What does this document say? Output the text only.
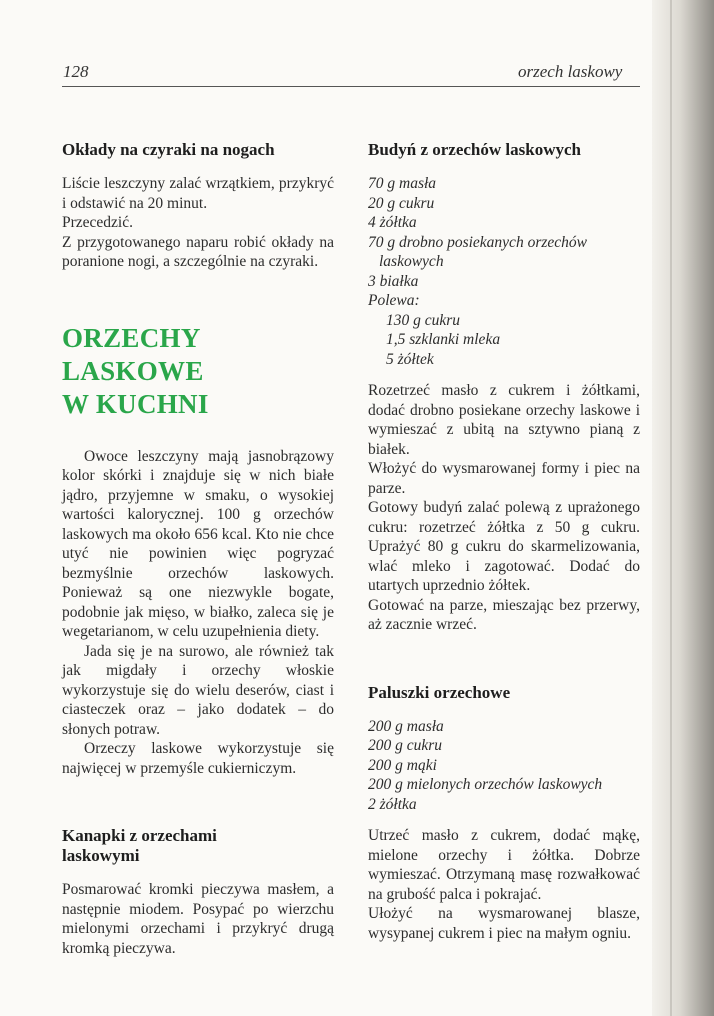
128	orzech laskowy
Okłady na czyraki na nogach

Liście leszczyny zalać wrzątkiem, przykryć i odstawić na 20 minut.

Przecedzić.

Z przygotowanego naparu robić okłady na poranione nogi, a szczególnie na czyraki.

ORZECHY LASKOWE
W KUCHNI

Owoce leszczyny mają jasnobrązowy kolor skórki i znajduje się w nich białe jądro, przyjemne w smaku, o wysokiej wartości kalorycznej. 100 g orzechów laskowych ma około 656 kcal. Kto nie chce utyć nie powinien więc pogryzać bezmyślnie orzechów laskowych. Ponieważ są one niezwykle bogate, podobnie jak mięso, w białko, zaleca się je wegetarianom, w celu uzupełnienia diety.

Jada się je na surowo, ale również tak jak migdały i orzechy włoskie wykorzystuje się do wielu deserów, ciast i ciasteczek oraz – jako dodatek – do słonych potraw.

Orzeczy laskowe wykorzystuje się najwięcej w przemyśle cukierniczym.

Kanapki z orzechami
laskowymi

Posmarować kromki pieczywa masłem, a następnie miodem. Posypać po wierzchu mielonymi orzechami i przykryć drugą kromką pieczywa.

Budyń z orzechów laskowych

70 g masła

20 g cukru

4 żółtka

70 g drobno posiekanych orzechów laskowych

3 białka

Polewa:

130 g cukru

1,5 szklanki mleka

5 żółtek

Rozetrzeć masło z cukrem i żółtkami, dodać drobno posiekane orzechy laskowe i wymieszać z ubitą na sztywno pianą z białek.

Włożyć do wysmarowanej formy i piec na parze.

Gotowy budyń zalać polewą z uprażonego cukru: rozetrzeć żółtka z 50 g cukru. Uprażyć 80 g cukru do skarmelizowania, wlać mleko i zagotować. Dodać do utartych uprzednio żółtek.

Gotować na parze, mieszając bez przerwy, aż zacznie wrzeć.

Paluszki orzechowe

200 g masła

200 g cukru

200 g mąki

200 g mielonych orzechów laskowych

2 żółtka

Utrzeć masło z cukrem, dodać mąkę, mielone orzechy i żółtka. Dobrze wymieszać. Otrzymaną masę rozwałkować na grubość palca i pokrajać.

Ułożyć na wysmarowanej blasze, wysypanej cukrem i piec na małym ogniu.
